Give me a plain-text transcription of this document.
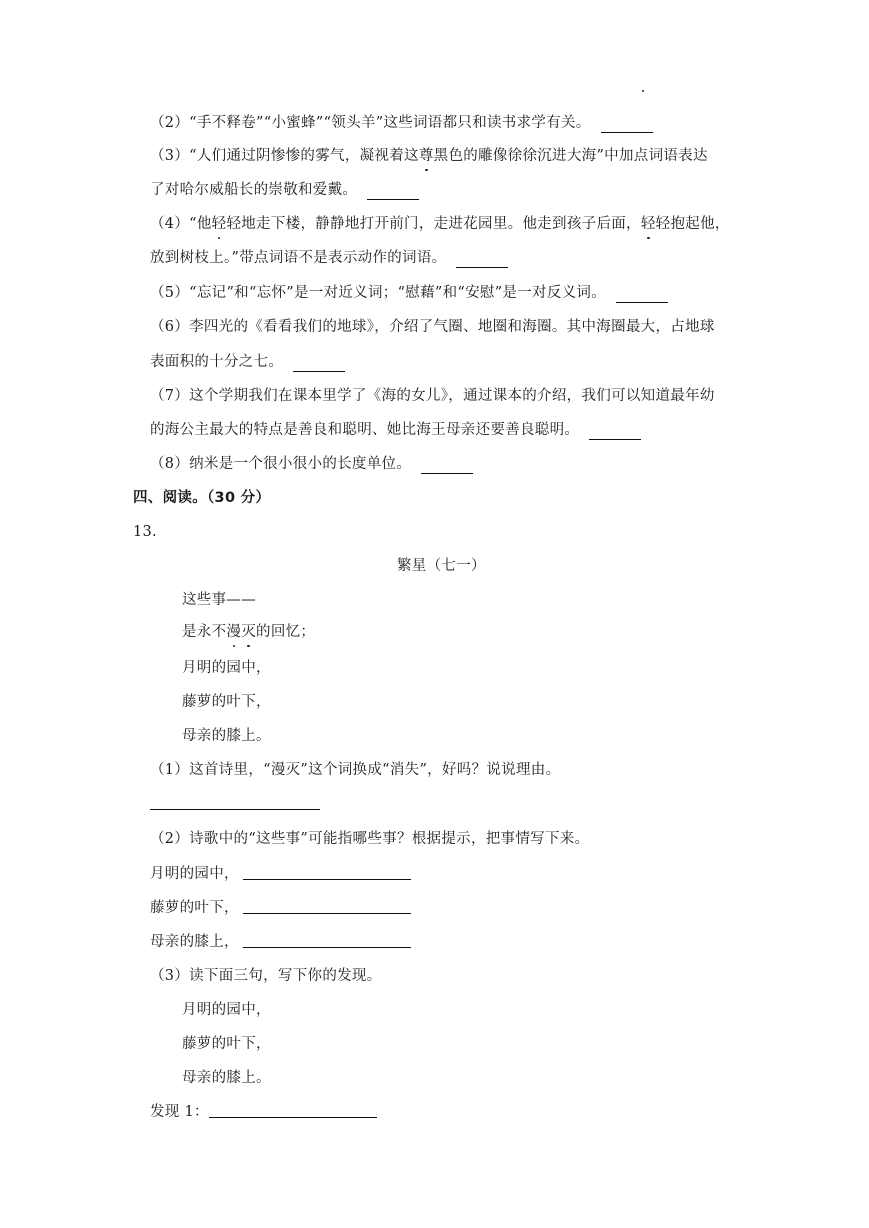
（2）“手不释卷”“小蜜蜂”“领头羊”这些词语都只和读书求学有关。
（3）“人们通过阴惨惨的雾气，凝视着这尊黑色的雕像徐徐沉进大海”中加点词语表达
了对哈尔威船长的崇敬和爱戴。
（4）“他轻轻地走下楼，静静地打开前门，走进花园里。他走到孩子后面，轻轻抱起他，
放到树枝上。”带点词语不是表示动作的词语。
（5）“忘记”和“忘怀”是一对近义词；“慰藉”和“安慰”是一对反义词。
（6）李四光的《看看我们的地球》，介绍了气圈、地圈和海圈。其中海圈最大，占地球
表面积的十分之七。
（7）这个学期我们在课本里学了《海的女儿》，通过课本的介绍，我们可以知道最年幼
的海公主最大的特点是善良和聪明、她比海王母亲还要善良聪明。
（8）纳米是一个很小很小的长度单位。
四、阅读。（30 分）
13.
繁星（七一）
这些事——
是永不漫灭的回忆；
月明的园中，
藤萝的叶下，
母亲的膝上。
（1）这首诗里，“漫灭”这个词换成“消失”，好吗？说说理由。
（2）诗歌中的“这些事”可能指哪些事？根据提示，把事情写下来。
月明的园中，
藤萝的叶下，
母亲的膝上，
（3）读下面三句，写下你的发现。
月明的园中，
藤萝的叶下，
母亲的膝上。
发现 1：
